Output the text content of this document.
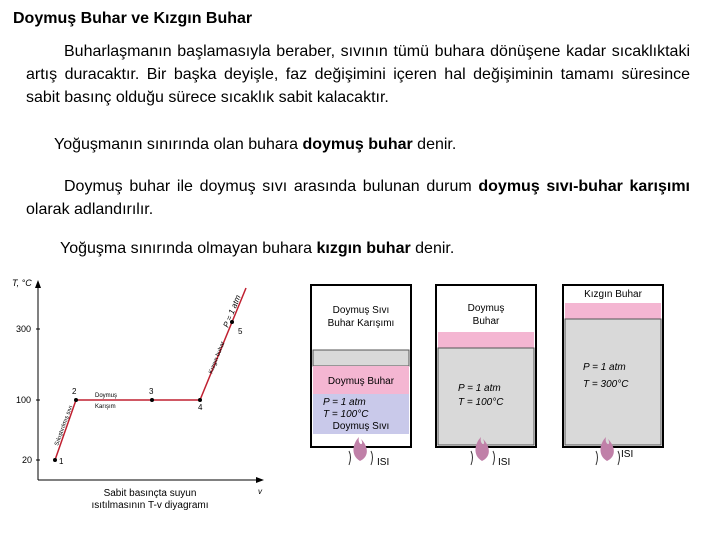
Doymuş Buhar ve Kızgın Buhar
Buharlaşmanın başlamasıyla beraber, sıvının tümü buhara dönüşene kadar sıcaklıktaki artış duracaktır. Bir başka deyişle, faz değişimini içeren hal değişiminin tamamı süresince sabit basınç olduğu sürece sıcaklık sabit kalacaktır.
Yoğuşmanın sınırında olan buhara doymuş buhar denir.
Doymuş buhar ile doymuş sıvı arasında bulunan durum doymuş sıvı-buhar karışımı olarak adlandırılır.
Yoğuşma sınırında olmayan buhara kızgın buhar denir.
T, °C
v
300
100
20	1
2	3
4
5
P = 1 atm
Kızgın buhar
Doymuş
Karışım
Sıkıştırılmış sıvı
Sabit basınçta suyun
ısıtılmasının T-v diyagramı
Doymuş Sıvı
Buhar Karışımı
Doymuş Buhar
P = 1 atm
T = 100°C
Doymuş Sıvı
ISI
Doymuş
Buhar
P = 1 atm
T = 100°C
ISI
Kızgın Buhar
P = 1 atm
T = 300°C
ISI
